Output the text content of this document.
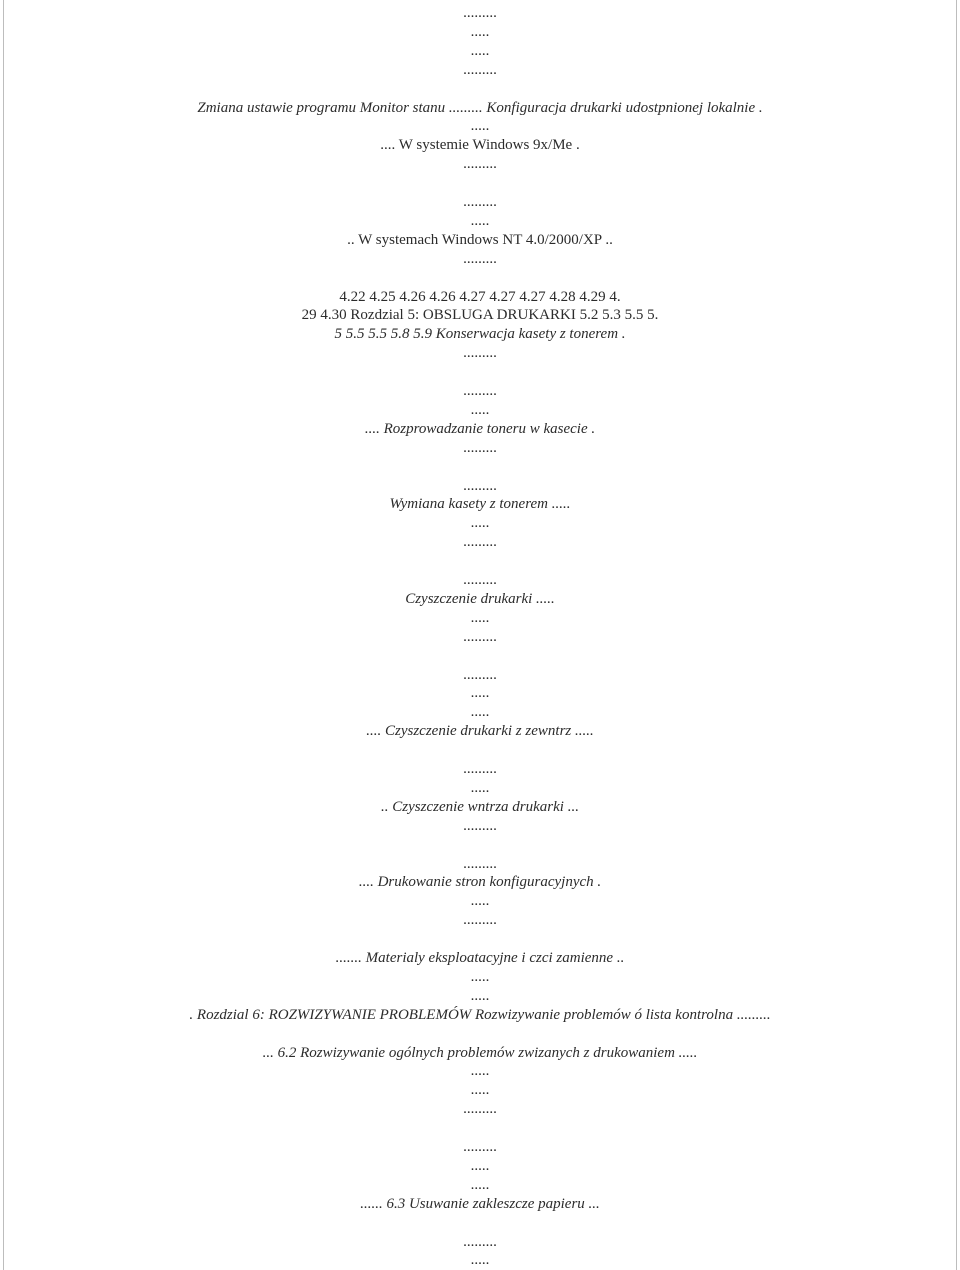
.........
.....
.....
.........
Zmiana ustawie programu Monitor stanu ......... Konfiguracja drukarki udostpnionej lokalnie .
.....
.... W systemie Windows 9x/Me .
.........
.........
.....
.. W systemach Windows NT 4.0/2000/XP ..
.........
4.22 4.25 4.26 4.26 4.27 4.27 4.27 4.28 4.29 4.
29 4.30 Rozdzial 5: OBSLUGA DRUKARKI 5.2 5.3 5.5 5.
5 5.5 5.5 5.8 5.9 Konserwacja kasety z tonerem .
.........
.........
.....
.... Rozprowadzanie toneru w kasecie .
.........
.........
Wymiana kasety z tonerem .....
.....
.........
.........
Czyszczenie drukarki .....
.....
.........
.........
.....
.....
.... Czyszczenie drukarki z zewntrz .....
.........
.....
.. Czyszczenie wntrza drukarki ...
.........
.........
.... Drukowanie stron konfiguracyjnych .
.....
.........
....... Materialy eksploatacyjne i czci zamienne ..
.....
.....
. Rozdzial 6: ROZWIZYWANIE PROBLEMÓW Rozwizywanie problemów ó lista kontrolna .........
... 6.2 Rozwizywanie ogólnych problemów zwizanych z drukowaniem .....
.....
.....
.........
.........
.....
.....
...... 6.3 Usuwanie zakleszcze papieru ...
.........
.....
